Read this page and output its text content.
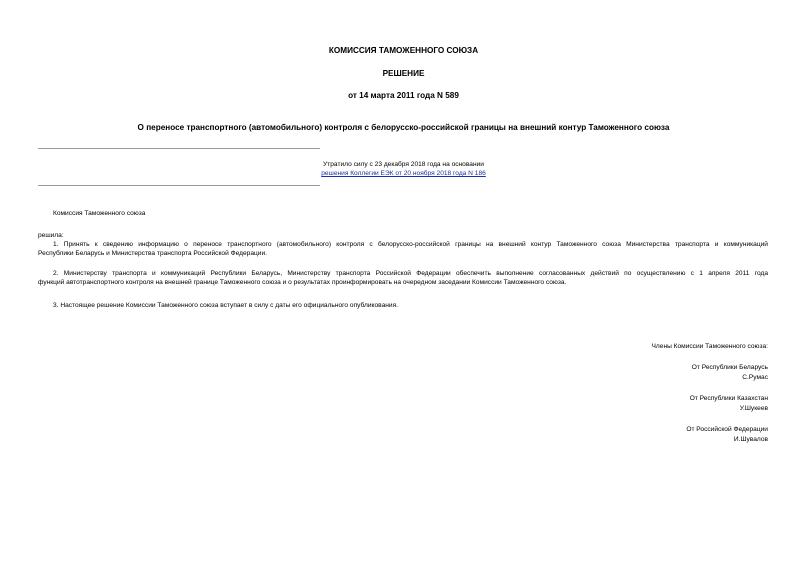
КОМИССИЯ ТАМОЖЕННОГО СОЮЗА
РЕШЕНИЕ
от 14 марта 2011 года N 589
О переносе транспортного (автомобильного) контроля с белорусско-российской границы на внешний контур Таможенного союза
Утратило силу с 23 декабря 2018 года на основании
решения Коллегии ЕЭК от 20 ноября 2018 года N 186
Комиссия Таможенного союза
решила:
1. Принять к сведению информацию о переносе транспортного (автомобильного) контроля с белорусско-российской границы на внешний контур Таможенного союза Министерства транспорта и коммуникаций
Республики Беларусь и Министерства транспорта Российской Федерации.
2. Министерству транспорта и коммуникаций Республики Беларусь, Министерству транспорта Российской Федерации обеспечить выполнение согласованных действий по осуществлению с 1 апреля 2011 года
функций автотранспортного контроля на внешней границе Таможенного союза и о результатах проинформировать на очередном заседании Комиссии Таможенного союза.
3. Настоящее решение Комиссии Таможенного союза вступает в силу с даты его официального опубликования.
Члены Комиссии Таможенного союза:
От Республики Беларусь
С.Румас
От Республики Казахстан
У.Шукеев
От Российской Федерации
И.Шувалов
